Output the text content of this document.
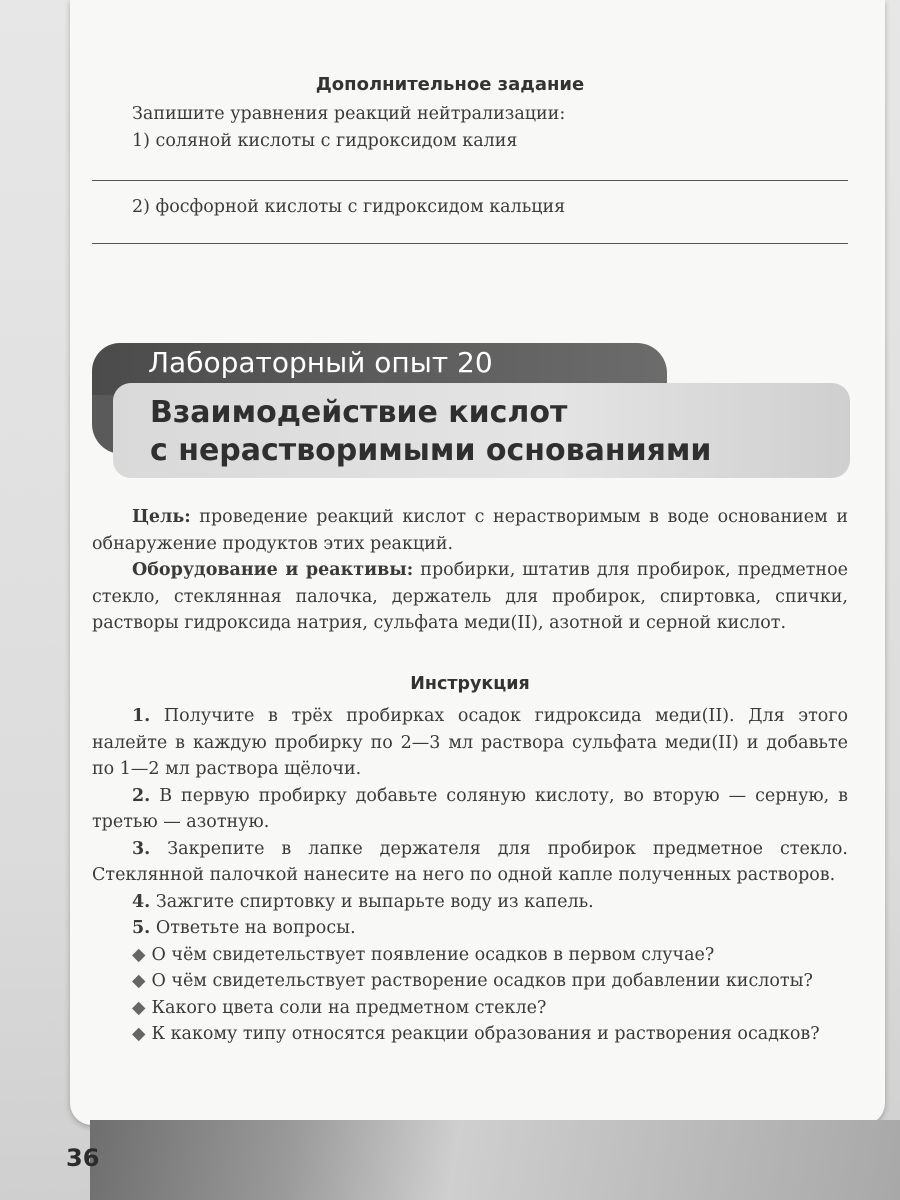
Дополнительное задание
Запишите уравнения реакций нейтрализации:
1) соляной кислоты с гидроксидом калия
2) фосфорной кислоты с гидроксидом кальция
Лабораторный опыт 20
Взаимодействие кислот
с нерастворимыми основаниями

Цель: проведение реакций кислот с нерастворимым в воде основанием и обнаружение продуктов этих реакций.

Оборудование и реактивы: пробирки, штатив для пробирок, предметное стекло, стеклянная палочка, держатель для пробирок, спиртовка, спички, растворы гидроксида натрия, сульфата меди(II), азотной и серной кислот.

Инструкция

1. Получите в трёх пробирках осадок гидроксида меди(II). Для этого налейте в каждую пробирку по 2—3 мл раствора сульфата меди(II) и добавьте по 1—2 мл раствора щёлочи.

2. В первую пробирку добавьте соляную кислоту, во вторую — серную, в третью — азотную.

3. Закрепите в лапке держателя для пробирок предметное стекло. Стеклянной палочкой нанесите на него по одной капле полученных растворов.

4. Зажгите спиртовку и выпарьте воду из капель.

5. Ответьте на вопросы.

◆ О чём свидетельствует появление осадков в первом случае?

◆ О чём свидетельствует растворение осадков при добавлении кислоты?

◆ Какого цвета соли на предметном стекле?

◆ К какому типу относятся реакции образования и растворения осадков?

36
